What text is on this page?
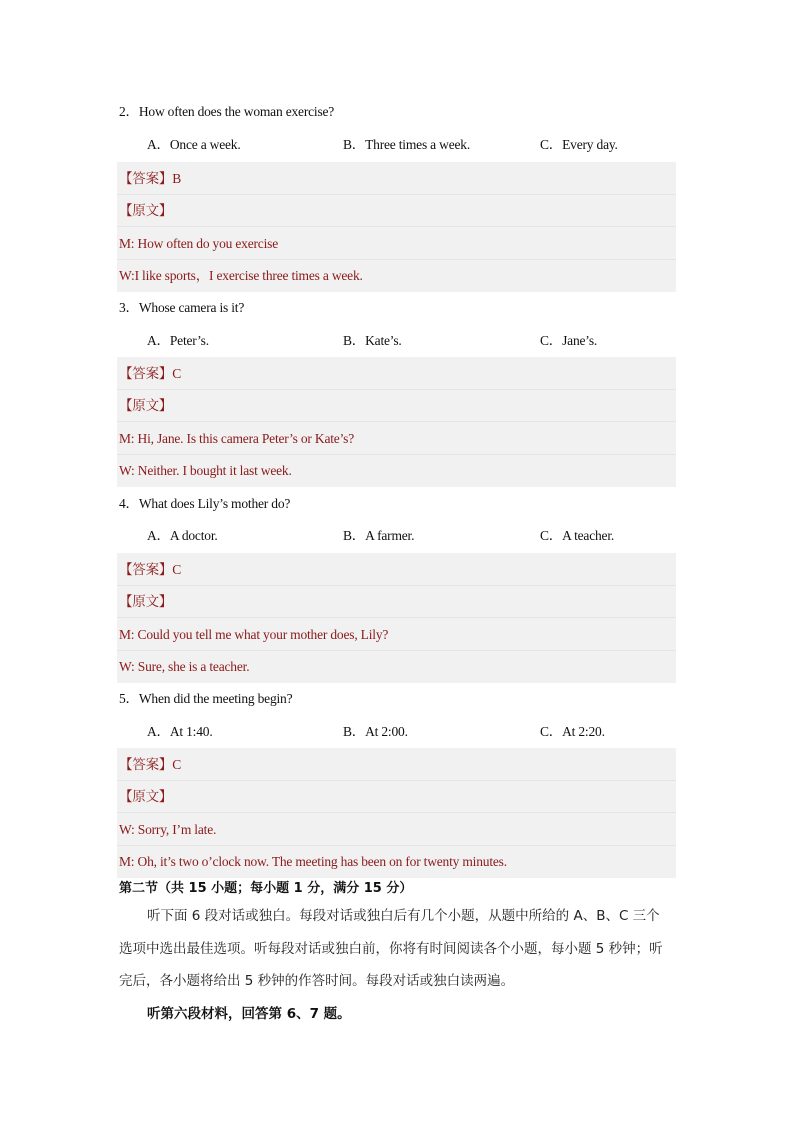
2．How often does the woman exercise?
A．Once a week.	B．Three times a week.	C．Every day.
【答案】B
【原文】
M: How often do you exercise
W:I like sports，I exercise three times a week.
3．Whose camera is it?
A．Peter’s.	B．Kate’s.	C．Jane’s.
【答案】C
【原文】
M: Hi, Jane. Is this camera Peter’s or Kate’s?
W: Neither. I bought it last week.
4．What does Lily’s mother do?
A．A doctor.	B．A farmer.	C．A teacher.
【答案】C
【原文】
M: Could you tell me what your mother does, Lily?
W: Sure, she is a teacher.
5．When did the meeting begin?
A．At 1:40.	B．At 2:00.	C．At 2:20.
【答案】C
【原文】
W: Sorry, I’m late.
M: Oh, it’s two o’clock now. The meeting has been on for twenty minutes.
第二节（共 15 小题；每小题 1 分，满分 15 分）
听下面 6 段对话或独白。每段对话或独白后有几个小题，从题中所给的 A、B、C 三个
选项中选出最佳选项。听每段对话或独白前，你将有时间阅读各个小题，每小题 5 秒钟；听
完后，各小题将给出 5 秒钟的作答时间。每段对话或独白读两遍。
听第六段材料，回答第 6、7 题。
